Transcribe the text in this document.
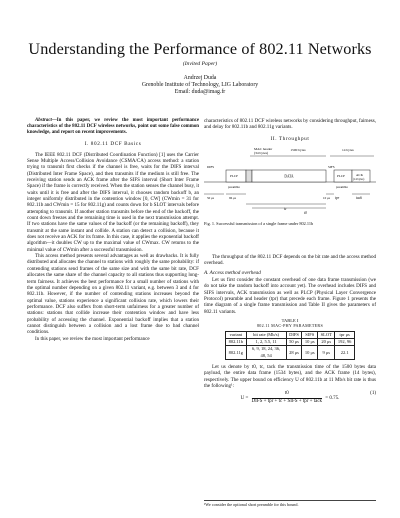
Understanding the Performance of 802.11 Networks
(Invited Paper)
Andrzej Duda
Grenoble Institute of Technology, LIG Laboratory
Email: duda@imag.fr
Abstract—In this paper, we review the most important performance characteristics of the 802.11 DCF wireless networks, point out some false common knowledge, and report on recent improvements.
I. 802.11 DCF Basics

The IEEE 802.11 DCF (Distributed Coordination Function) [1] uses the Carrier Sense Multiple Access/Collision Avoidance (CSMA/CA) access method: a station trying to transmit first checks if the channel is free, waits for the DIFS interval (Distributed Inter Frame Space), and then transmits if the medium is still free. The receiving station sends an ACK frame after the SIFS interval (Short Inter Frame Space) if the frame is correctly received. When the station senses the channel busy, it waits until it is free and after the DIFS interval, it chooses random backoff b, an integer uniformly distributed in the contention window [0, CW] (CWmin = 31 for 802.11b and CWmin = 15 for 802.11g) and counts down for b SLOT intervals before attempting to transmit. If another station transmits before the end of the backoff, the count down freezes and the remaining time is used in the next transmission attempt. If two stations have the same values of the backoff (or the remaining backoff), they transmit at the same instant and collide. A station can detect a collision, because it does not receive an ACK for its frame. In this case, it applies the exponential backoff algorithm—it doubles CW up to the maximal value of CWmax. CW returns to the minimal value of CWmin after a successful transmission.

This access method presents several advantages as well as drawbacks. It is fully distributed and allocates the channel to stations with roughly the same probability: if contending stations send frames of the same size and with the same bit rate, DCF allocates the same share of the channel capacity to all stations thus supporting long-term fairness. It achieves the best performance for a small number of stations with the optimal number depending on a given 802.11 variant, e.g. between 3 and 4 for 802.11b. However, if the number of contending stations increases beyond the optimal value, stations experience a significant collision rate, which lowers their performance. DCF also suffers from short-term unfairness for a greater number of stations: stations that collide increase their contention window and have less probability of accessing the channel. Exponential backoff implies that a station cannot distinguish between a collision and a lost frame due to bad channel conditions.

In this paper, we review the most important performance

characteristics of 802.11 DCF wireless networks by considering throughput, fairness, and delay for 802.11b and 802.11g variants.
II. Throughput
MAC header
(34 bytes)
1500 bytes	14 bytes
DIFS
PLCP	DATA
SIFS
PLCP	ACK
(14 bytes)
preamble	preamble
50 μs	96 μs	10 μs
tc
t0
tack
tpr
Fig. 1. Successful transmission of a single frame under 802.11b

The throughput of the 802.11 DCF depends on the bit rate and the access method overhead.

A. Access method overhead

Let us first consider the constant overhead of one data frame transmission (we do not take the random backoff into account yet). The overhead includes DIFS and SIFS intervals, ACK transmission as well as PLCP (Physical Layer Convergence Protocol) preamble and header (tpr) that precede each frame. Figure 1 presents the time diagram of a single frame transmission and Table II gives the parameters of 802.11 variants.

TABLE I
802.11 MAC-PHY PARAMETERS
variant	bit rate (Mb/s)	DIFS	SIFS	SLOT	tpr μs
802.11b	1, 2, 5.5, 11	50 μs	10 μs	20 μs	192, 96
802.11g	6, 9, 18, 24, 36, 48, 54	28 μs	10 μs	9 μs	22.1

Let us denote by t0, tc, tack the transmission time of the 1500 bytes data payload, the entire data frame (1534 bytes), and the ACK frame (14 bytes), respectively. The upper bound on efficiency U of 802.11b at 11 Mb/s bit rate is thus the following¹:

U =
t0
DIFS + tpr + tc + SIFS + tpr + tack = 0.75.
(1)
¹We consider the optional short preamble for this bound.
